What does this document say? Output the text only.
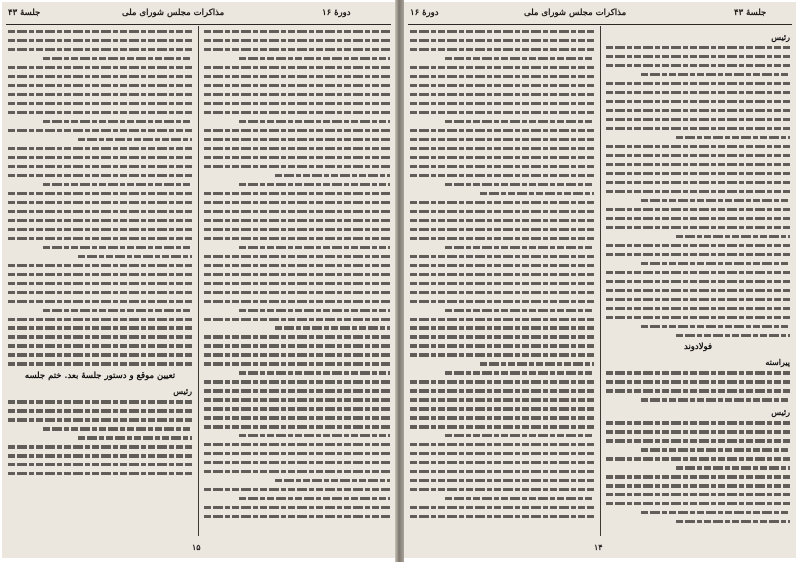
جلسهٔ ۴۳	مذاکرات مجلس شورای ملی	دورهٔ ۱۶
تعیین موقع و دستور جلسهٔ بعد. ختم جلسه
رئیس
۱۵
دورهٔ ۱۶	مذاکرات مجلس شورای ملی	جلسهٔ ۴۳
رئیس
فولادوند
پیراسته
رئیس
۱۴
